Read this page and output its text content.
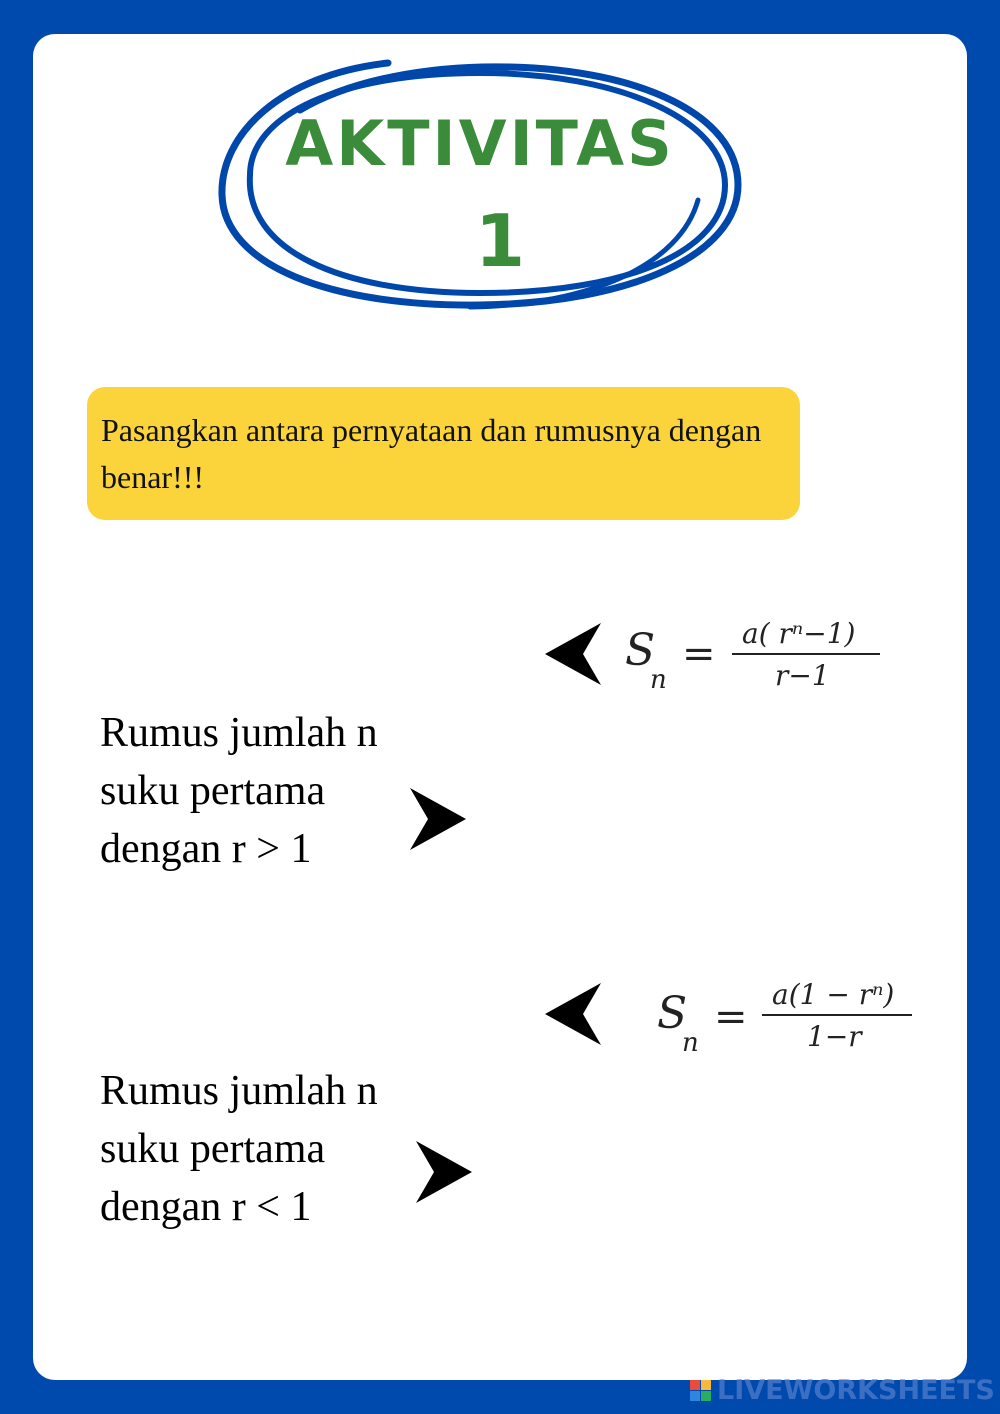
AKTIVITAS
1
Pasangkan antara pernyataan dan rumusnya dengan benar!!!
Rumus jumlah n
suku pertama
dengan r > 1
S
n
= a( rⁿ−1)
r−1
Rumus jumlah n
suku pertama
dengan r < 1
S
n
= a(1 − rⁿ)
1−r
LIVEWORKSHEETS
